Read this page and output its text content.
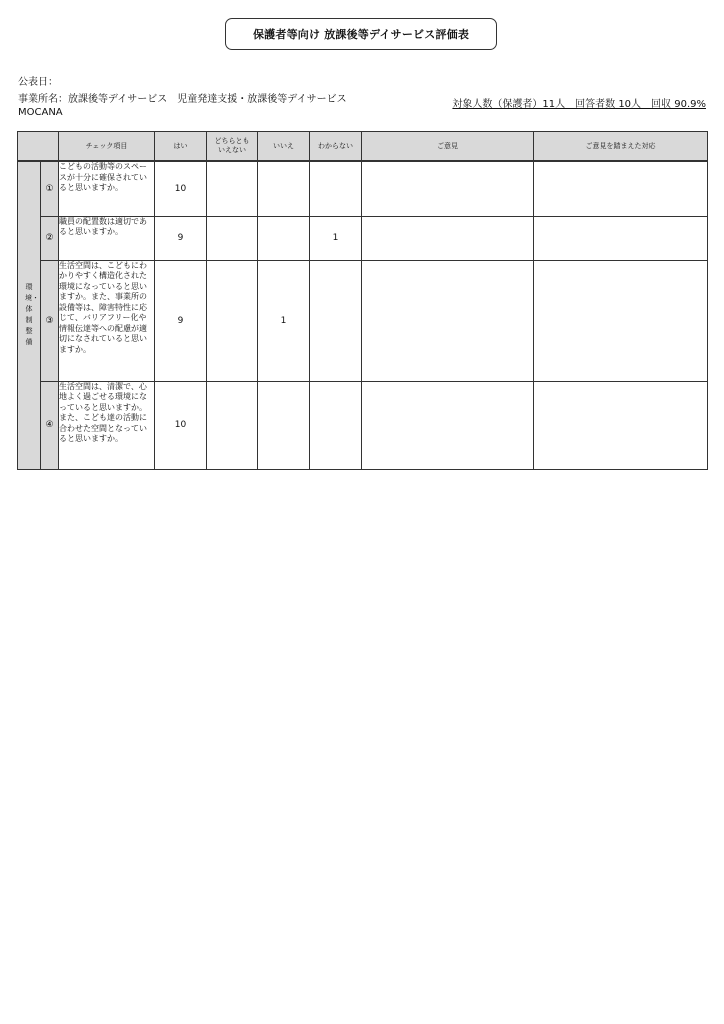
保護者等向け 放課後等デイサービス評価表
公表日：
事業所名：放課後等デイサービス　児童発達支援・放課後等デイサービス　MOCANA
対象人数（保護者）11人　回答者数 10人　回収 90.9%
		チェック項目	はい	どちらとも いえない	いいえ	わからない	ご意見	ご意見を踏まえた対応
環境・体制整備	①	こどもの活動等のスペースが十分に確保されていると思いますか。	10					
	②	職員の配置数は適切であると思いますか。	9			1		
	③	生活空間は、こどもにわかりやすく構造化された環境になっていると思いますか。また、事業所の設備等は、障害特性に応じて、バリアフリー化や情報伝達等への配慮が適切になされていると思いますか。	9		1			
	④	生活空間は、清潔で、心地よく過ごせる環境になっていると思いますか。また、こども達の活動に合わせた空間となっていると思いますか。	10					
